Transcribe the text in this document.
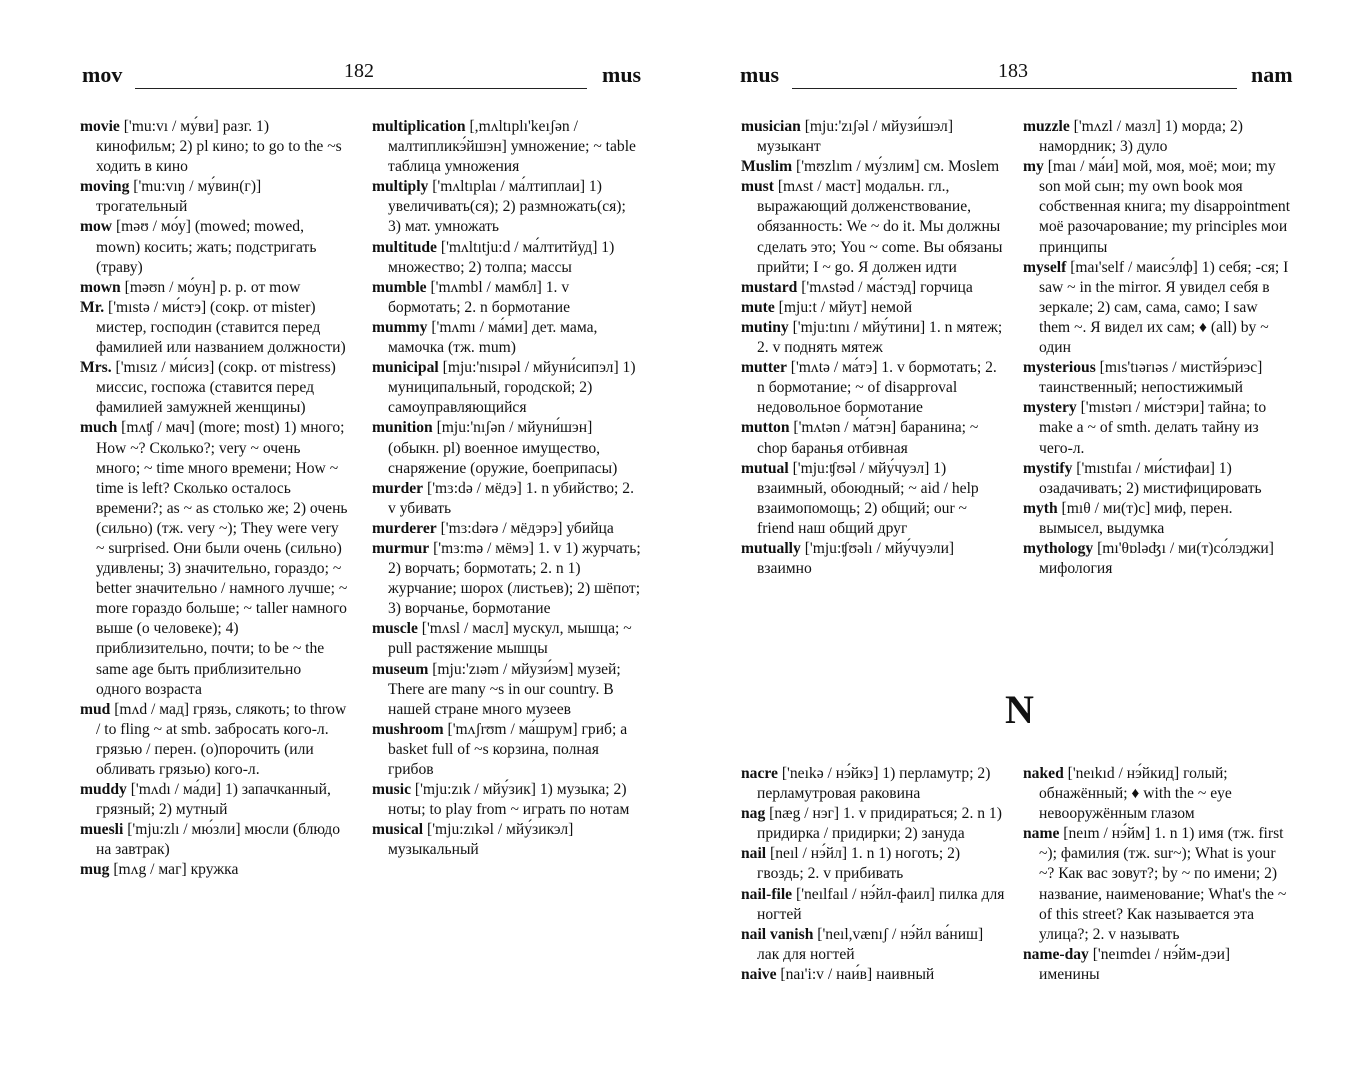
mov	182	mus

movie ['mu:vı / му́ви] разг. 1) кинофильм; 2) pl кино; to go to the ~s ходить в кино

moving ['mu:vıŋ / му́вин(г)] трогательный

mow [məʊ / мо́у] (mowed; mowed, mown) косить; жать; подстригать (траву)

mown [məʊn / мо́ун] p. p. от mow

Mr. ['mıstə / ми́стэ] (сокр. от mister) мистер, господин (ставится перед фамилией или названием должности)

Mrs. ['mısız / ми́сиз] (сокр. от mistress) миссис, госпожа (ставится перед фамилией замужней женщины)

much [mʌʧ / мач] (more; most) 1) много; How ~? Сколько?; very ~ очень много; ~ time много времени; How ~ time is left? Сколько осталось времени?; as ~ as столько же; 2) очень (сильно) (тж. very ~); They were very ~ surprised. Они были очень (сильно) удивлены; 3) значительно, гораздо; ~ better значительно / намного лучше; ~ more гораздо больше; ~ taller намного выше (о человеке); 4) приблизительно, почти; to be ~ the same age быть приблизительно одного возраста

mud [mʌd / мад] грязь, слякоть; to throw / to fling ~ at smb. забросать кого-л. грязью / перен. (о)порочить (или обливать грязью) кого-л.

muddy ['mʌdı / ма́ди] 1) запачканный, грязный; 2) мутный

muesli ['mju:zlı / мю́зли] мюсли (блюдо на завтрак)

mug [mʌg / маг] кружка

multiplication [,mʌltıplı'keıʃən / малтипликэ́йшэн] умножение; ~ table таблица умножения

multiply ['mʌltıplaı / ма́лтиплаи] 1) увеличивать(ся); 2) размножать(ся); 3) мат. умножать

multitude ['mʌltıtju:d / ма́лтитйуд] 1) множество; 2) толпа; массы

mumble ['mʌmbl / мамбл] 1. v бормотать; 2. n бормотание

mummy ['mʌmı / ма́ми] дет. мама, мамочка (тж. mum)

municipal [mju:'nısıpəl / мйуни́сипэл] 1) муниципальный, городской; 2) самоуправляющийся

munition [mju:'nıʃən / мйуни́шэн] (обыкн. pl) военное имущество, снаряжение (оружие, боеприпасы)

murder ['mɜ:də / мёдэ] 1. n убийство; 2. v убивать

murderer ['mɜ:dərə / мёдэрэ] убийца

murmur ['mɜ:mə / мёмэ] 1. v 1) журчать; 2) ворчать; бормотать; 2. n 1) журчание; шорох (листьев); 2) шёпот; 3) ворчанье, бормотание

muscle ['mʌsl / масл] мускул, мышца; ~ pull растяжение мышцы

museum [mju:'zıəm / мйузи́эм] музей; There are many ~s in our country. В нашей стране много музеев

mushroom ['mʌʃrʊm / ма́шрум] гриб; a basket full of ~s корзина, полная грибов

music ['mju:zık / мйу́зик] 1) музыка; 2) ноты; to play from ~ играть по нотам

musical ['mju:zıkəl / мйу́зикэл] музыкальный

mus	183	nam

musician [mju:'zıʃəl / мйузи́шэл] музыкант

Muslim ['mʊzlım / му́злим] см. Moslem

must [mʌst / маст] модальн. гл., выражающий долженствование, обязанность: We ~ do it. Мы должны сделать это; You ~ come. Вы обязаны прийти; I ~ go. Я должен идти

mustard ['mʌstəd / ма́стэд] горчица

mute [mju:t / мйут] немой

mutiny ['mju:tını / мйу́тини] 1. n мятеж; 2. v поднять мятеж

mutter ['mʌtə / ма́тэ] 1. v бормотать; 2. n бормотание; ~ of disapproval недовольное бормотание

mutton ['mʌtən / ма́тэн] баранина; ~ chop баранья отбивная

mutual ['mju:ʧʊəl / мйу́чуэл] 1) взаимный, обоюдный; ~ aid / help взаимопомощь; 2) общий; our ~ friend наш общий друг

mutually ['mju:ʧʊəlı / мйу́чуэли] взаимно

muzzle ['mʌzl / мазл] 1) морда; 2) намордник; 3) дуло

my [maı / ма́и] мой, моя, моё; мои; my son мой сын; my own book моя собственная книга; my disappointment моё разочарование; my principles мои принципы

myself [maı'self / маисэ́лф] 1) себя; -ся; I saw ~ in the mirror. Я увидел себя в зеркале; 2) сам, сама, само; I saw them ~. Я видел их сам; ♦ (all) by ~ один

mysterious [mıs'tıərıəs / мистйэ́риэс] таинственный; непостижимый

mystery ['mıstərı / ми́стэри] тайна; to make a ~ of smth. делать тайну из чего-л.

mystify ['mıstıfaı / ми́стифаи] 1) озадачивать; 2) мистифицировать

myth [mıθ / ми(т)с] миф, перен. вымысел, выдумка

mythology [mı'θɒləʤı / ми(т)со́лэджи] мифология

N

nacre ['neıkə / нэ́йкэ] 1) перламутр; 2) перламутровая раковина

nag [næg / нэг] 1. v придираться; 2. n 1) придирка / придирки; 2) зануда

nail [neıl / нэ́йл] 1. n 1) ноготь; 2) гвоздь; 2. v прибивать

nail-file ['neılfaıl / нэ́йл-фаил] пилка для ногтей

nail vanish ['neıl,vænıʃ / нэ́йл ва́ниш] лак для ногтей

naive [naı'i:v / наи́в] наивный

naked ['neıkıd / нэ́йкид] голый; обнажённый; ♦ with the ~ eye невооружённым глазом

name [neım / нэ́йм] 1. n 1) имя (тж. first ~); фамилия (тж. sur~); What is your ~? Как вас зовут?; by ~ по имени; 2) название, наименование; What's the ~ of this street? Как называется эта улица?; 2. v называть

name-day ['neımdeı / нэ́йм-дэи] именины
